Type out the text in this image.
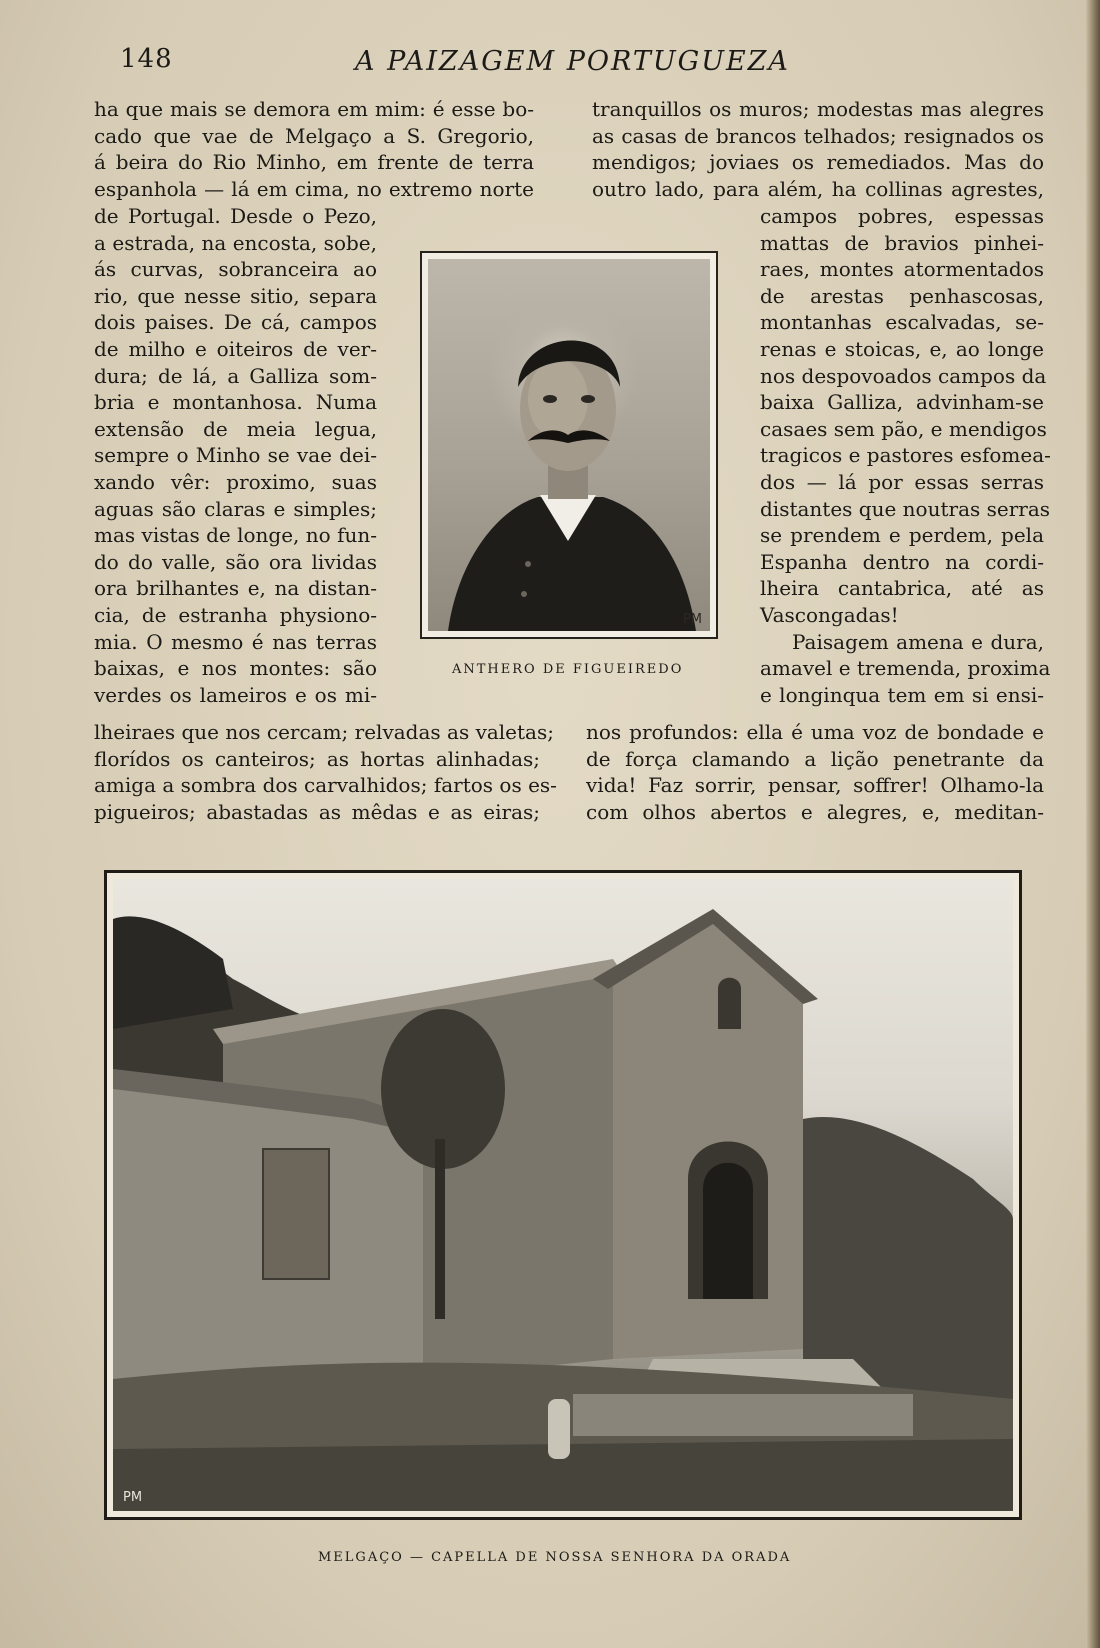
148	A PAIZAGEM PORTUGUEZA
ha que mais se demora em mim: é esse bo-
cado que vae de Melgaço a S. Gregorio,
á beira do Rio Minho, em frente de terra
espanhola — lá em cima, no extremo norte
de Portugal. Desde o Pezo,
a estrada, na encosta, sobe,
ás curvas, sobranceira ao
rio, que nesse sitio, separa
dois paises. De cá, campos
de milho e oiteiros de ver-
dura; de lá, a Galliza som-
bria e montanhosa. Numa
extensão de meia legua,
sempre o Minho se vae dei-
xando vêr: proximo, suas
aguas são claras e simples;
mas vistas de longe, no fun-
do do valle, são ora lividas
ora brilhantes e, na distan-
cia, de estranha physiono-
mia. O mesmo é nas terras
baixas, e nos montes: são
verdes os lameiros e os mi-
lheiraes que nos cercam; relvadas as valetas;
florídos os canteiros; as hortas alinhadas;
amiga a sombra dos carvalhidos; fartos os es-
pigueiros; abastadas as mêdas e as eiras;
tranquillos os muros; modestas mas alegres
as casas de brancos telhados; resignados os
mendigos; joviaes os remediados. Mas do
outro lado, para além, ha collinas agrestes,
campos pobres, espessas
mattas de bravios pinhei-
raes, montes atormentados
de arestas penhascosas,
montanhas escalvadas, se-
renas e stoicas, e, ao longe
nos despovoados campos da
baixa Galliza, advinham-se
casaes sem pão, e mendigos
tragicos e pastores esfomea-
dos — lá por essas serras
distantes que noutras serras
se prendem e perdem, pela
Espanha dentro na cordi-
lheira cantabrica, até as
Vascongadas!
Paisagem amena e dura,
amavel e tremenda, proxima
e longinqua tem em si ensi-
nos profundos: ella é uma voz de bondade e
de força clamando a lição penetrante da
vida! Faz sorrir, pensar, soffrer! Olhamo-la
com olhos abertos e alegres, e, meditan-
PM
ANTHERO DE FIGUEIREDO
PM
MELGAÇO — CAPELLA DE NOSSA SENHORA DA ORADA
